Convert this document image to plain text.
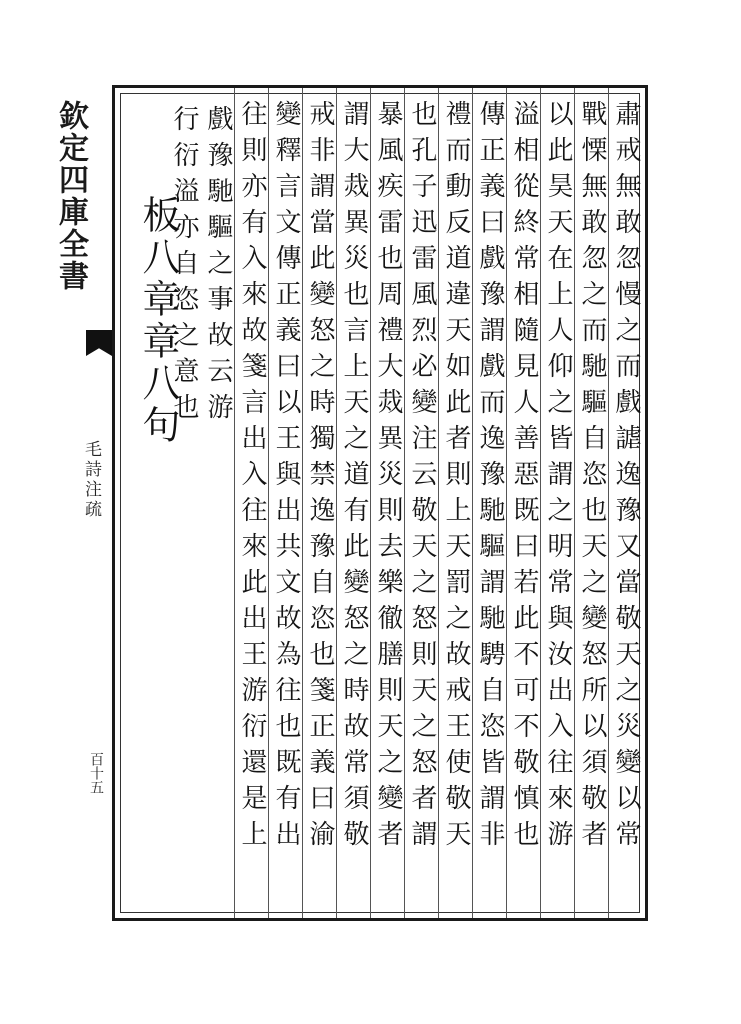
欽定四庫全書
毛詩注疏
百十五	肅戒無敢忽慢之而戲謔逸豫又當敬天之災變以常
戰慄無敢忽之而馳驅自恣也天之變怒所以須敬者
以此昊天在上人仰之皆謂之明常與汝出入往來游
溢相從終常相隨見人善惡既曰若此不可不敬慎也
傳正義曰戲豫謂戲而逸豫馳驅謂馳騁自恣皆謂非
禮而動反道違天如此者則上天罰之故戒王使敬天
也孔子迅雷風烈必變注云敬天之怒則天之怒者謂
暴風疾雷也周禮大烖異災則去樂徹膳則天之變者
謂大烖異災也言上天之道有此變怒之時故常須敬
戒非謂當此變怒之時獨禁逸豫自恣也箋正義曰渝
變釋言文傳正義曰以王與出共文故為往也既有出
往則亦有入來故箋言出入往來此出王游衍還是上
戲豫馳驅之事故云游
行衍溢亦自恣之意也
板八章章八句
